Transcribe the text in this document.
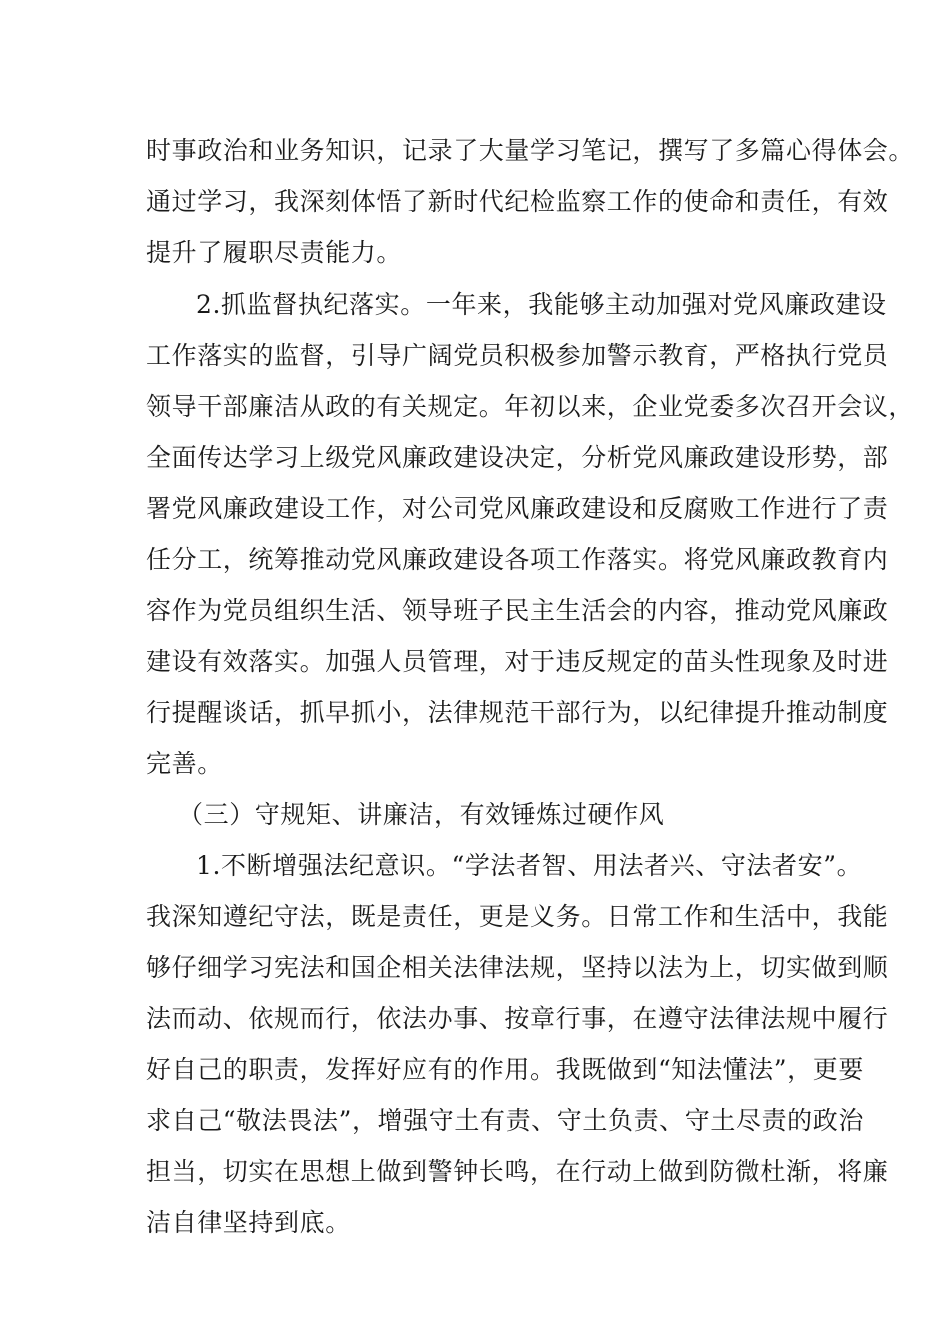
时事政治和业务知识，记录了大量学习笔记，撰写了多篇心得体会。
通过学习，我深刻体悟了新时代纪检监察工作的使命和责任，有效
提升了履职尽责能力。
2.抓监督执纪落实。一年来，我能够主动加强对党风廉政建设
工作落实的监督，引导广阔党员积极参加警示教育，严格执行党员
领导干部廉洁从政的有关规定。年初以来，企业党委多次召开会议，
全面传达学习上级党风廉政建设决定，分析党风廉政建设形势，部
署党风廉政建设工作，对公司党风廉政建设和反腐败工作进行了责
任分工，统筹推动党风廉政建设各项工作落实。将党风廉政教育内
容作为党员组织生活、领导班子民主生活会的内容，推动党风廉政
建设有效落实。加强人员管理，对于违反规定的苗头性现象及时进
行提醒谈话，抓早抓小，法律规范干部行为，以纪律提升推动制度
完善。
（三）守规矩、讲廉洁，有效锤炼过硬作风
1.不断增强法纪意识。“学法者智、用法者兴、守法者安”。
我深知遵纪守法，既是责任，更是义务。日常工作和生活中，我能
够仔细学习宪法和国企相关法律法规，坚持以法为上，切实做到顺
法而动、依规而行，依法办事、按章行事，在遵守法律法规中履行
好自己的职责，发挥好应有的作用。我既做到“知法懂法”，更要
求自己“敬法畏法”，增强守土有责、守土负责、守土尽责的政治
担当，切实在思想上做到警钟长鸣，在行动上做到防微杜渐，将廉
洁自律坚持到底。
